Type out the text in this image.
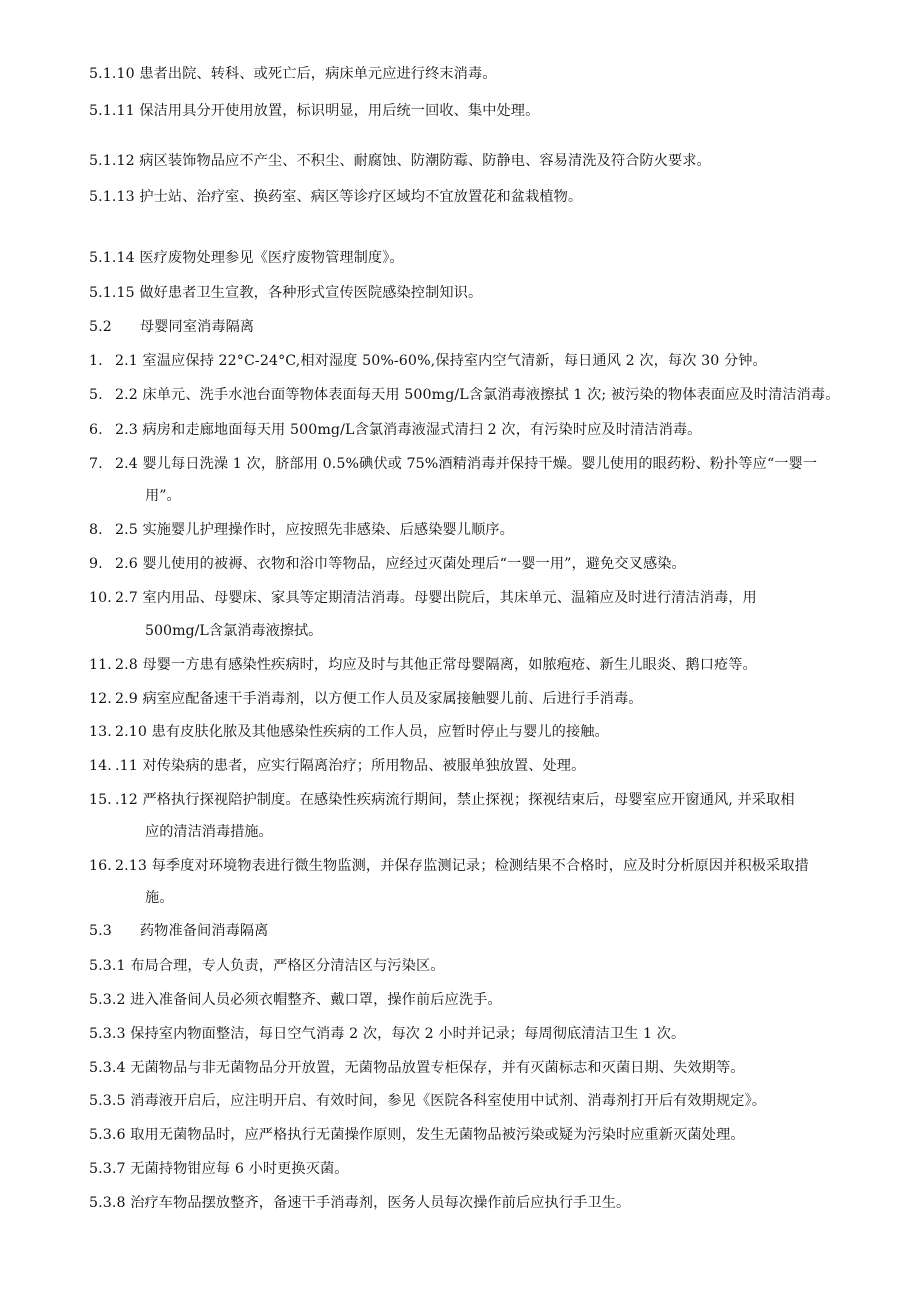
5.1.10 患者出院、转科、或死亡后，病床单元应进行终末消毒。
5.1.11 保洁用具分开使用放置，标识明显，用后统一回收、集中处理。
5.1.12 病区装饰物品应不产尘、不积尘、耐腐蚀、防潮防霉、防静电、容易清洗及符合防火要求。
5.1.13 护士站、治疗室、换药室、病区等诊疗区域均不宜放置花和盆栽植物。
5.1.14 医疗废物处理参见《医疗废物管理制度》。
5.1.15 做好患者卫生宣教，各种形式宣传医院感染控制知识。
5.2 母婴同室消毒隔离
1. 2.1 室温应保持 22°C-24°C,相对湿度 50%-60%,保持室内空气清新，每日通风 2 次，每次 30 分钟。
5. 2.2 床单元、洗手水池台面等物体表面每天用 500mg/L含氯消毒液擦拭 1 次; 被污染的物体表面应及时清洁消毒。
6. 2.3 病房和走廊地面每天用 500mg/L含氯消毒液湿式清扫 2 次，有污染时应及时清洁消毒。
7. 2.4 婴儿每日洗澡 1 次，脐部用 0.5%碘伏或 75%酒精消毒并保持干燥。婴儿使用的眼药粉、粉扑等应“一婴一
用”。
8. 2.5 实施婴儿护理操作时，应按照先非感染、后感染婴儿顺序。
9. 2.6 婴儿使用的被褥、衣物和浴巾等物品，应经过灭菌处理后“一婴一用”，避免交叉感染。
10. 2.7 室内用品、母婴床、家具等定期清洁消毒。母婴出院后，其床单元、温箱应及时进行清洁消毒，用
500mg/L含氯消毒液擦拭。
11. 2.8 母婴一方患有感染性疾病时，均应及时与其他正常母婴隔离，如脓疱疮、新生儿眼炎、鹅口疮等。
12. 2.9 病室应配备速干手消毒剂，以方便工作人员及家属接触婴儿前、后进行手消毒。
13. 2.10 患有皮肤化脓及其他感染性疾病的工作人员，应暂时停止与婴儿的接触。
14. .11 对传染病的患者，应实行隔离治疗；所用物品、被服单独放置、处理。
15. .12 严格执行探视陪护制度。在感染性疾病流行期间，禁止探视；探视结束后，母婴室应开窗通风, 并采取相
应的清洁消毒措施。
16. 2.13 每季度对环境物表进行微生物监测，并保存监测记录；检测结果不合格时，应及时分析原因并积极采取措
施。
5.3 药物准备间消毒隔离
5.3.1 布局合理，专人负责，严格区分清洁区与污染区。
5.3.2 进入准备间人员必须衣帽整齐、戴口罩，操作前后应洗手。
5.3.3 保持室内物面整洁，每日空气消毒 2 次，每次 2 小时并记录；每周彻底清洁卫生 1 次。
5.3.4 无菌物品与非无菌物品分开放置，无菌物品放置专柜保存，并有灭菌标志和灭菌日期、失效期等。
5.3.5 消毒液开启后，应注明开启、有效时间，参见《医院各科室使用中试剂、消毒剂打开后有效期规定》。
5.3.6 取用无菌物品时，应严格执行无菌操作原则，发生无菌物品被污染或疑为污染时应重新灭菌处理。
5.3.7 无菌持物钳应每 6 小时更换灭菌。
5.3.8 治疗车物品摆放整齐，备速干手消毒剂，医务人员每次操作前后应执行手卫生。
